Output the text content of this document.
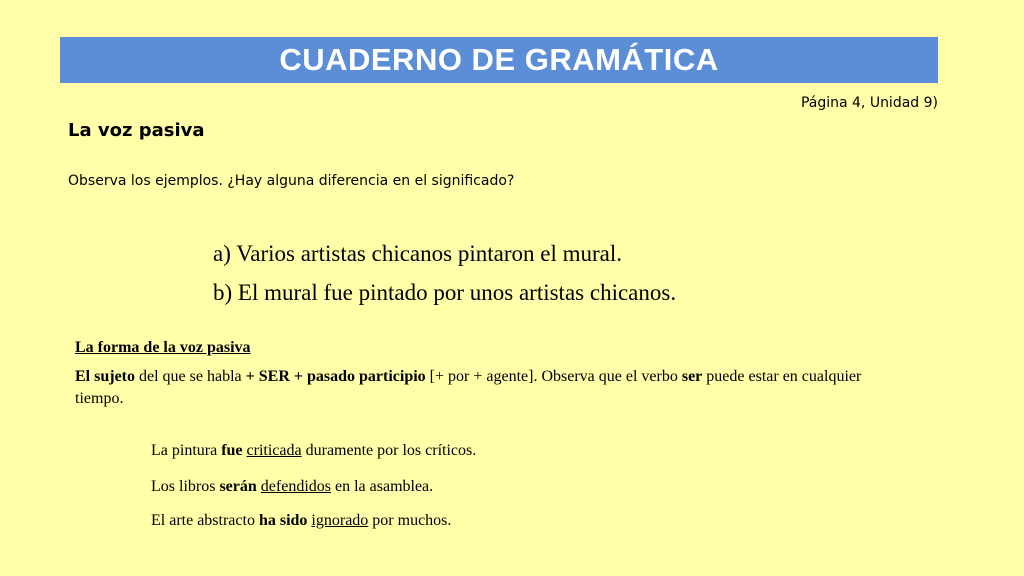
CUADERNO DE GRAMÁTICA
Página 4, Unidad 9)
La voz pasiva
Observa los ejemplos. ¿Hay alguna diferencia en el significado?
a) Varios artistas chicanos pintaron el mural.
b) El mural fue pintado por unos artistas chicanos.
La forma de la voz pasiva
El sujeto del que se habla + SER + pasado participio [+ por + agente]. Observa que el verbo ser puede estar en cualquier tiempo.
La pintura fue criticada duramente por los críticos.
Los libros serán defendidos en la asamblea.
El arte abstracto ha sido ignorado por muchos.
